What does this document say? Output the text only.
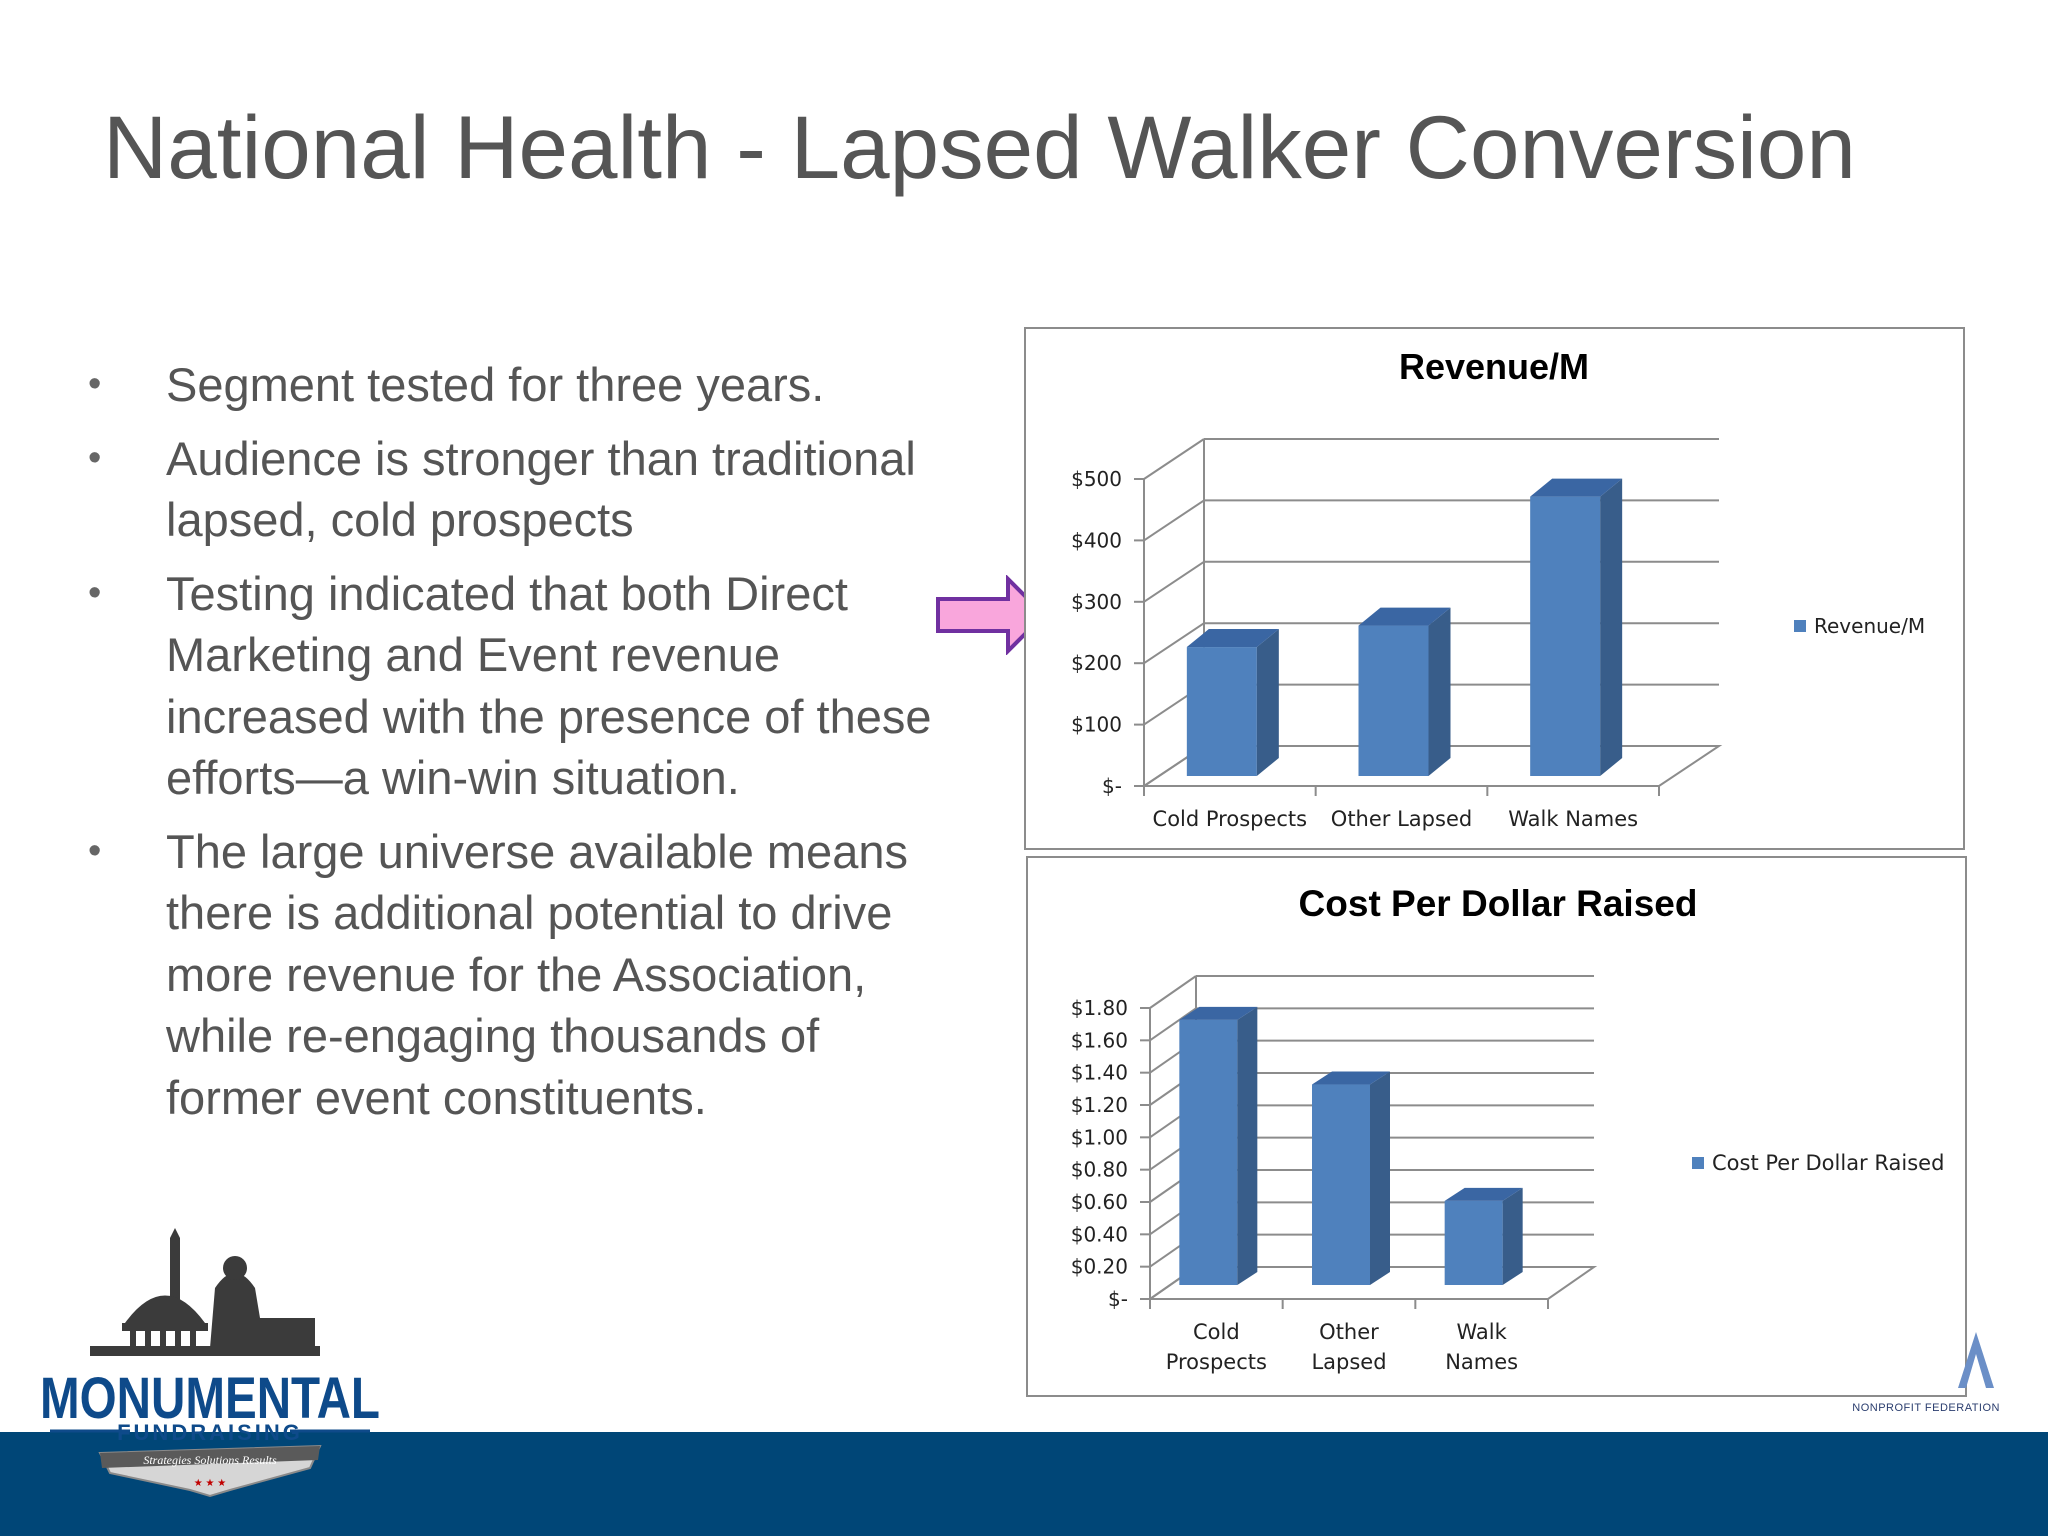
National Health - Lapsed Walker Conversion
• Segment tested for three years.
• Audience is stronger than traditional lapsed, cold prospects
• Testing indicated that both Direct Marketing and Event revenue increased with the presence of these efforts—a win-win situation.
• The large universe available means there is additional potential to drive more revenue for the Association, while re-engaging thousands of former event constituents.
Revenue/M
$-
$100
$200
$300
$400
$500
Cold Prospects Other Lapsed Walk Names
Revenue/M
Cost Per Dollar Raised
$-
$0.20
$0.40
$0.60
$0.80
$1.00
$1.20
$1.40
$1.60
$1.80
Cold
Prospects
Other
Lapsed
Walk
Names
Cost Per Dollar Raised
MONUMENTAL
FUNDRAISING
Strategies Solutions Results
★ ★ ★
NONPROFIT FEDERATION
